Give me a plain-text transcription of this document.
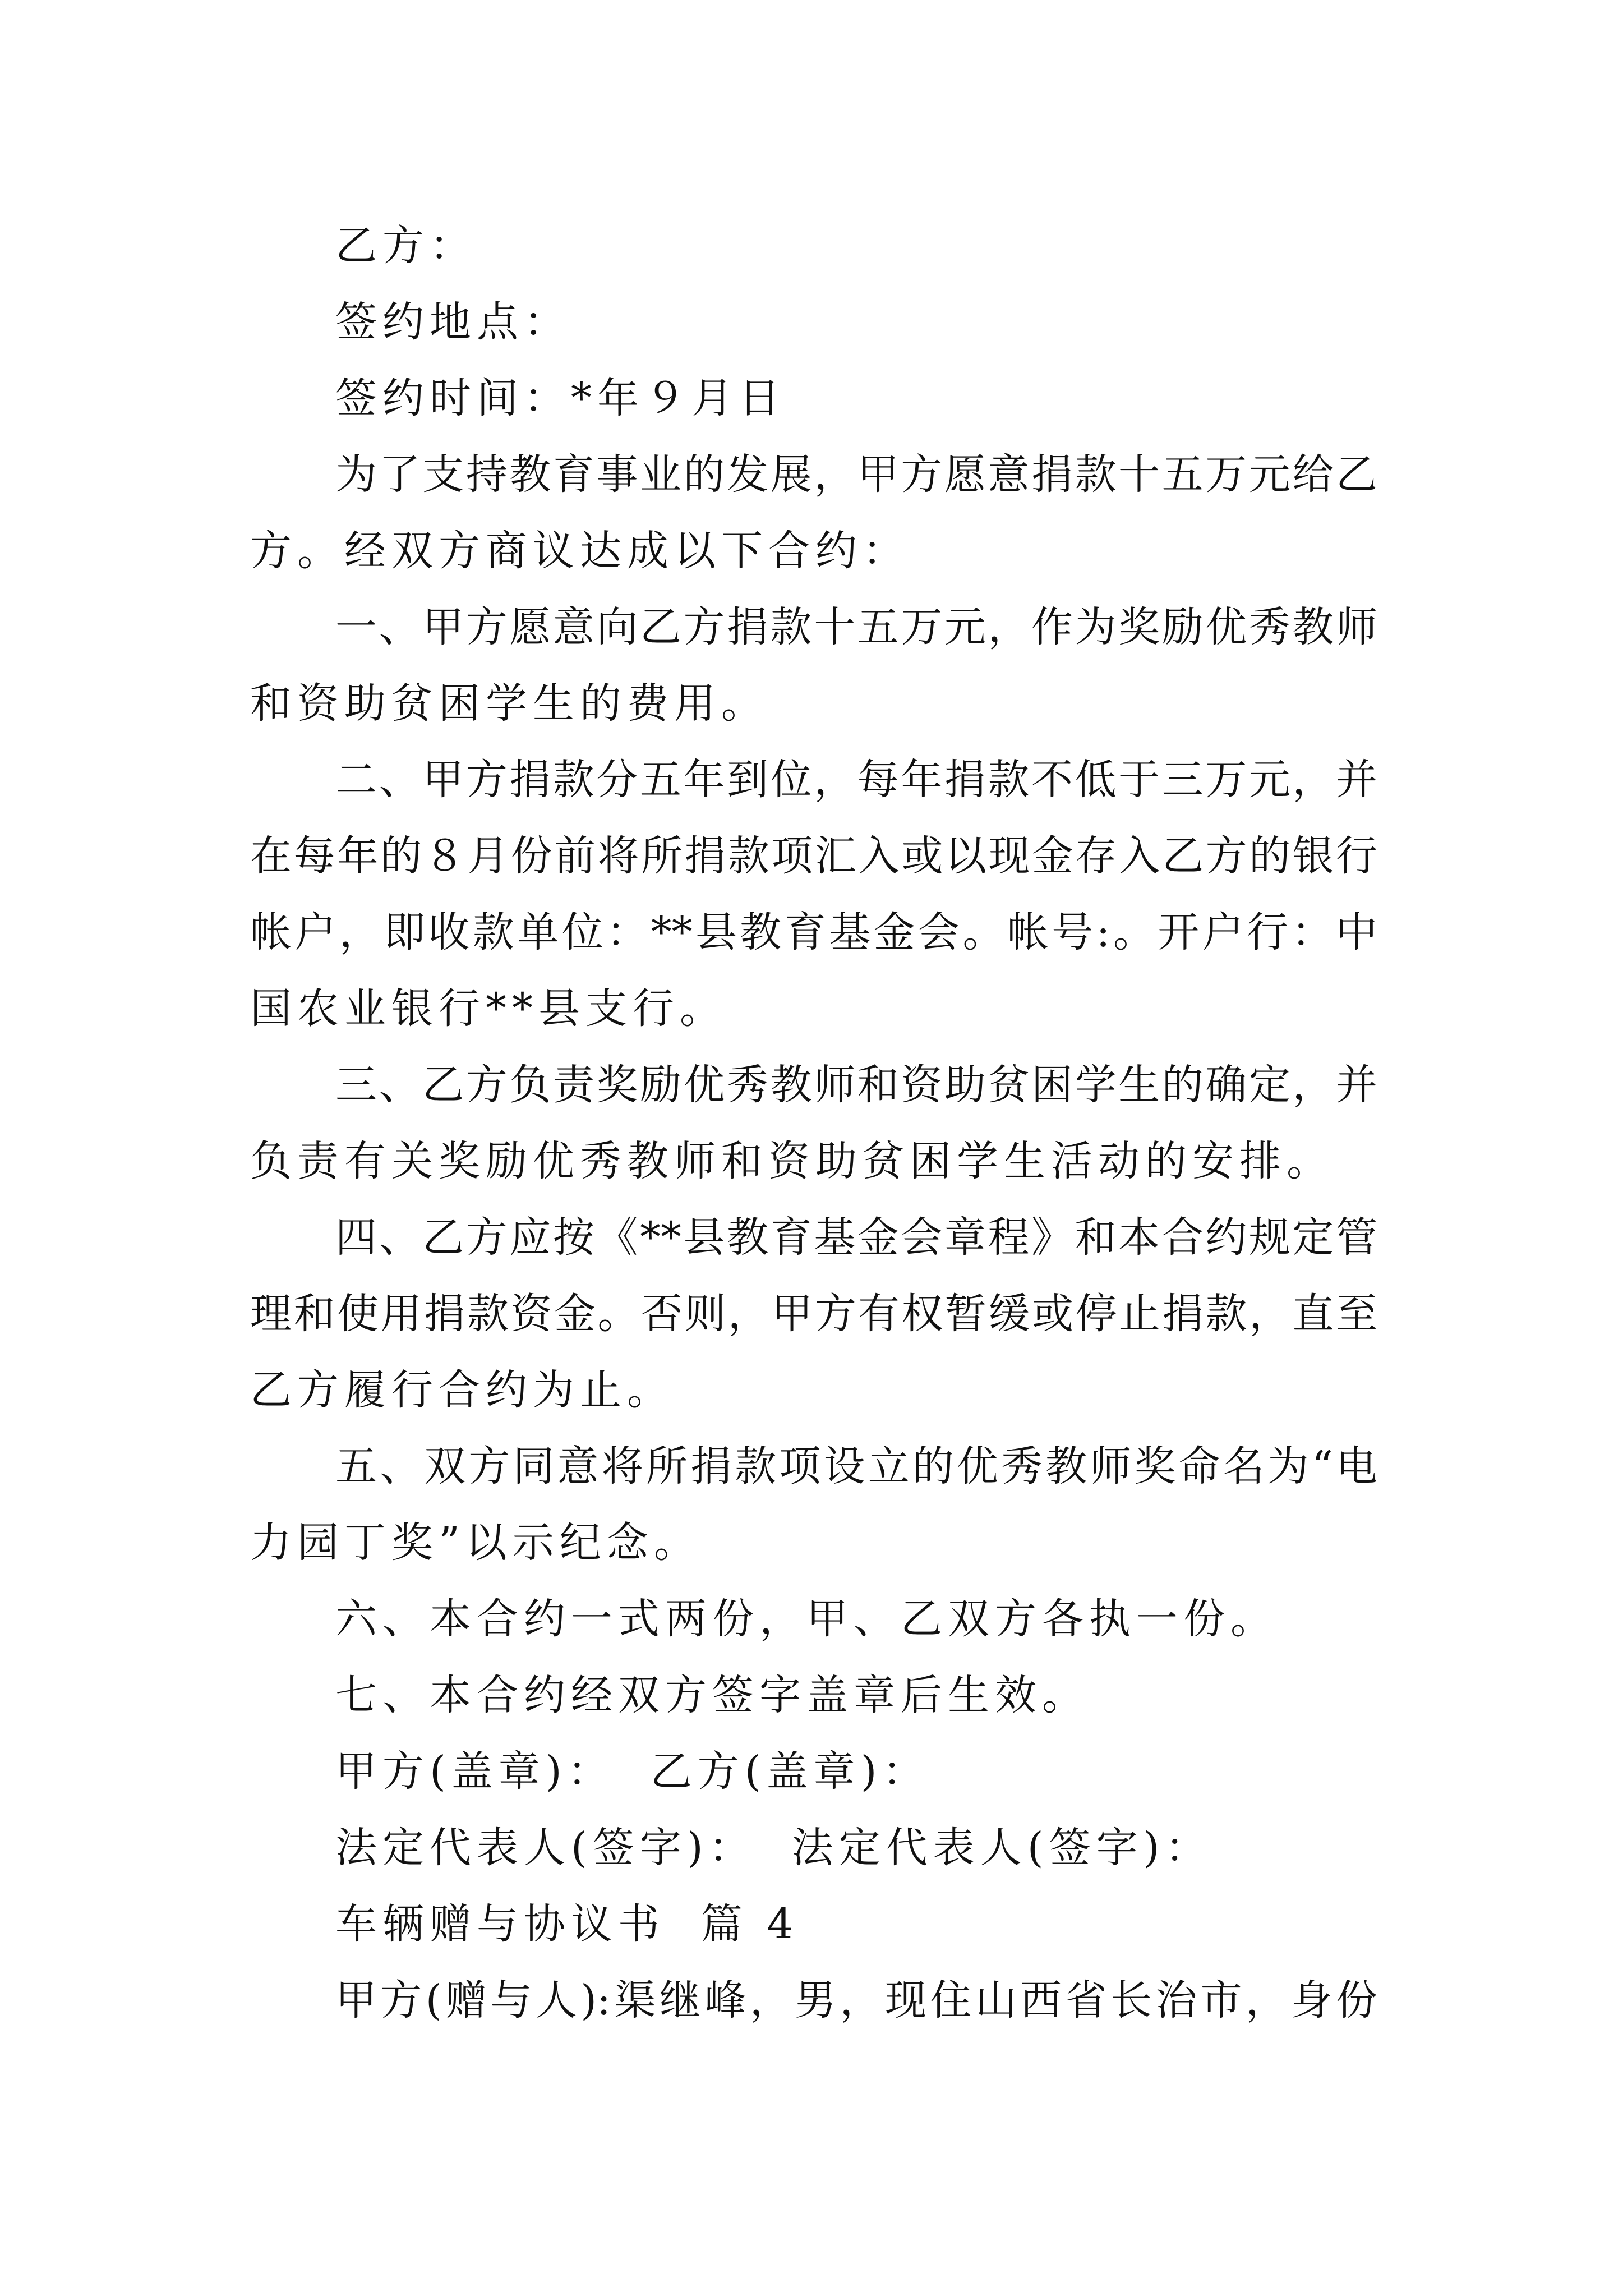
乙方：
签约地点：
签约时间：*年９月日
为了支持教育事业的发展，甲方愿意捐款十五万元给乙
方。经双方商议达成以下合约：
一、甲方愿意向乙方捐款十五万元，作为奖励优秀教师
和资助贫困学生的费用。
二、甲方捐款分五年到位，每年捐款不低于三万元，并
在每年的８月份前将所捐款项汇入或以现金存入乙方的银行
帐户，即收款单位：**县教育基金会。帐号:。开户行：中
国农业银行**县支行。
三、乙方负责奖励优秀教师和资助贫困学生的确定，并
负责有关奖励优秀教师和资助贫困学生活动的安排。
四、乙方应按《**县教育基金会章程》和本合约规定管
理和使用捐款资金。否则，甲方有权暂缓或停止捐款，直至
乙方履行合约为止。
五、双方同意将所捐款项设立的优秀教师奖命名为“电
力园丁奖”以示纪念。
六、本合约一式两份，甲、乙双方各执一份。
七、本合约经双方签字盖章后生效。
甲方(盖章)： 乙方(盖章)：
法定代表人(签字)： 法定代表人(签字)：
车辆赠与协议书 篇 4
甲方(赠与人):渠继峰，男，现住山西省长治市，身份
